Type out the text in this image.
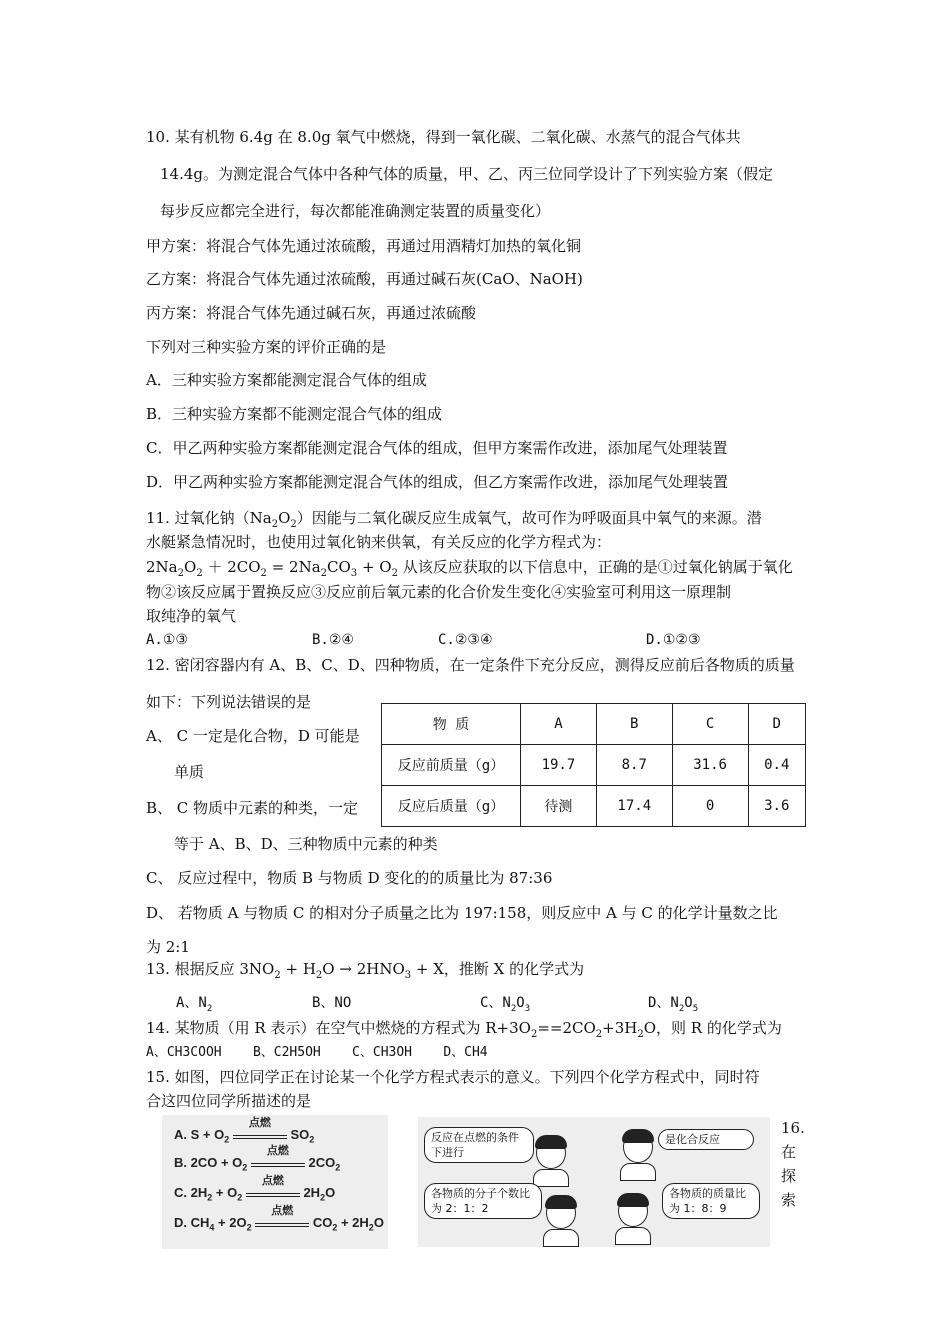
10. 某有机物 6.4g 在 8.0g 氧气中燃烧，得到一氧化碳、二氧化碳、水蒸气的混合气体共
14.4g。为测定混合气体中各种气体的质量，甲、乙、丙三位同学设计了下列实验方案（假定
每步反应都完全进行，每次都能准确测定装置的质量变化）
甲方案：将混合气体先通过浓硫酸，再通过用酒精灯加热的氧化铜
乙方案：将混合气体先通过浓硫酸，再通过碱石灰(CaO、NaOH)
丙方案：将混合气体先通过碱石灰，再通过浓硫酸
下列对三种实验方案的评价正确的是
A．三种实验方案都能测定混合气体的组成
B．三种实验方案都不能测定混合气体的组成
C．甲乙两种实验方案都能测定混合气体的组成，但甲方案需作改进，添加尾气处理装置
D．甲乙两种实验方案都能测定混合气体的组成，但乙方案需作改进，添加尾气处理装置
11. 过氧化钠$(Na_2O_2)$因能与二氧化碳反应生成氧气，故可作为呼吸面具中氧气的来源。潜
水艇紧急情况时，也使用过氧化钠来供氧，有关反应的化学方程式为：
$2Na_2O_2 + 2CO_2 = 2Na_2CO_3 + O_2$ 从该反应获取的以下信息中，正确的是①过氧化钠属于氧化
物②该反应属于置换反应③反应前后氧元素的化合价发生变化④实验室可利用这一原理制
取纯净的氧气
A.①③	B.②④	C.②③④	D.①②③
12. 密闭容器内有 A、B、C、D、四种物质，在一定条件下充分反应，测得反应前后各物质的质量
如下：下列说法错误的是
A、 C 一定是化合物，D 可能是
单质
B、 C 物质中元素的种类，一定
等于 A、B、D、三种物质中元素的种类
C、 反应过程中，物质 B 与物质 D 变化的的质量比为 87:36
D、 若物质 A 与物质 C 的相对分子质量之比为 197:158，则反应中 A 与 C 的化学计量数之比
为 2:1
物 质	A	B	C	D
反应前质量（g）	19.7	8.7	31.6	0.4
反应后质量（g）	待测	17.4	0	3.6
13. 根据反应 $3NO_2 + H_2O \to 2HNO_3 + X$，推断 X 的化学式为
A、$N_2$	B、NO	C、$N_2O_3$	D、$N_2O_5$
14. 某物质（用 R 表示）在空气中燃烧的方程式为 $R+3O_2==2CO_2+3H_2O$，则 R 的化学式为
A、CH3COOH B、C2H5OH C、CH3OH D、CH4
15. 如图，四位同学正在讨论某一个化学方程式表示的意义。下列四个化学方程式中，同时符
合这四位同学所描述的是
A. $S + O_2$
点燃
$SO_2$
B. $2CO + O_2$
点燃
$2CO_2$
C. $2H_2 + O_2$
点燃
$2H_2O$
D. $CH_4 + 2O_2$
点燃
$CO_2 + 2H_2O$
反应在点燃的条件下进行
是化合反应
各物质的分子个数比为 2：1：2
各物质的质量比为 1：8：9
16.
在
探
索
